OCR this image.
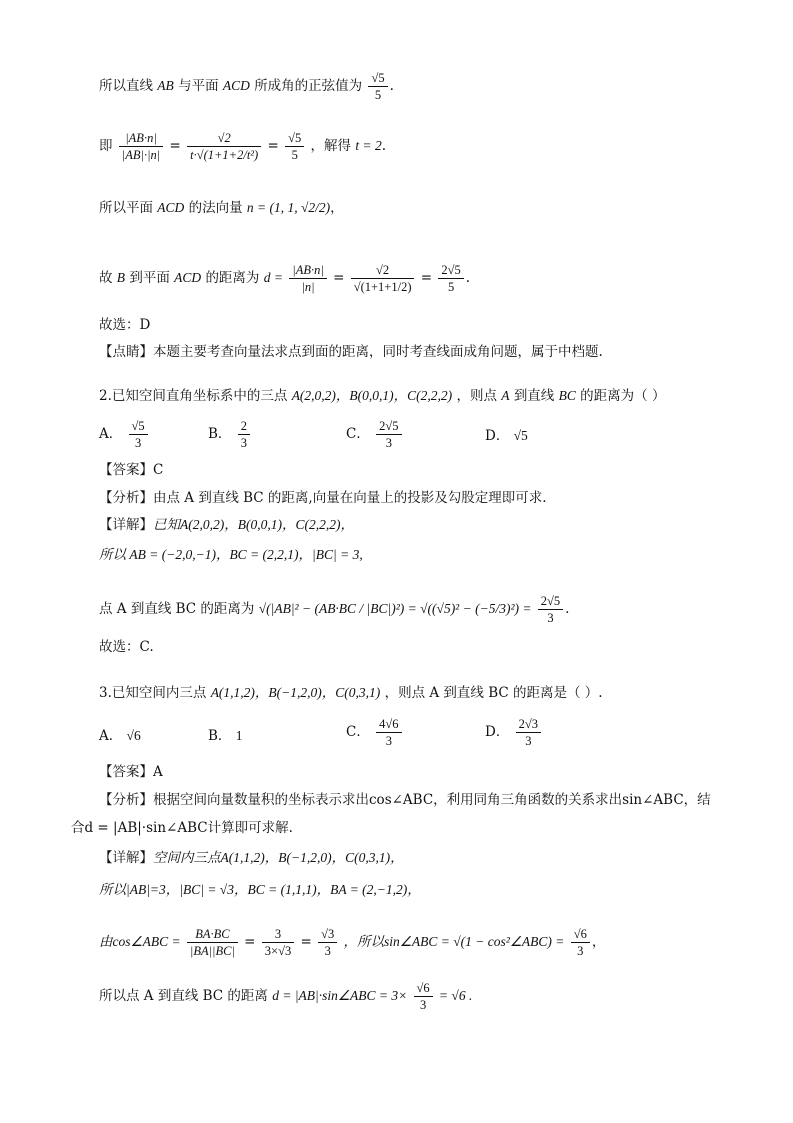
所以直线 AB 与平面 ACD 所成角的正弦值为 $\frac{√5}{5}$ .
即 $\frac{|AB\cdot n|}{|AB|\cdot|n|} = \frac{√2}{\text{t·√(1+1+2/t²)}} = \frac{√5}{5}$ ，解得 t = 2.
所以平面 ACD 的法向量 n = (1, 1, √2/2)，
故 B 到平面 ACD 的距离为 $d = \frac{|AB\cdot n|}{|n|} = \frac{√2}{√(1+1+1/2)} = \frac{2√5}{5}$ .
故选：D
【点睛】本题主要考查向量法求点到面的距离，同时考查线面成角问题，属于中档题.
2.已知空间直角坐标系中的三点 A(2,0,2)，B(0,0,1)，C(2,2,2) ，则点 A 到直线 BC 的距离为（ ）
A． $\frac{√5}{3}$	B． $\frac{2}{3}$	C． $\frac{2√5}{3}$	D． √5
【答案】C
【分析】由点 A 到直线 BC 的距离,向量在向量上的投影及勾股定理即可求.
【详解】已知A(2,0,2)，B(0,0,1)，C(2,2,2)，
所以 AB = (−2,0,−1)，BC = (2,2,1)，|BC| = 3,
点 A 到直线 BC 的距离为 $√(|AB|^2 - (AB\cdot BC / |BC|)^2) = √((√5)^2 - (-5/3)^2) = \frac{2√5}{3}$ .
故选：C.
3.已知空间内三点 A(1,1,2)，B(−1,2,0)，C(0,3,1) ，则点 A 到直线 BC 的距离是（ ）.
A． √6	B． 1	C． $\frac{4√6}{3}$	D． $\frac{2√3}{3}$
【答案】A
【分析】根据空间向量数量积的坐标表示求出cos∠ABC，利用同角三角函数的关系求出sin∠ABC，结
合d = |AB|·sin∠ABC计算即可求解.
【详解】空间内三点A(1,1,2)，B(−1,2,0)，C(0,3,1)，
所以|AB|=3，|BC| = √3，BC = (1,1,1)，BA = (2,−1,2)，
由cos∠ABC = $\frac{BA\cdot BC}{|BA||BC|} = \frac{3}{3\times√3} = \frac{√3}{3}$ ，所以sin∠ABC = √(1 − cos²∠ABC) = $\frac{√6}{3}$ ，
所以点 A 到直线 BC 的距离 d = |AB|·sin∠ABC = $3\times \frac{√6}{3} = √6$ .
